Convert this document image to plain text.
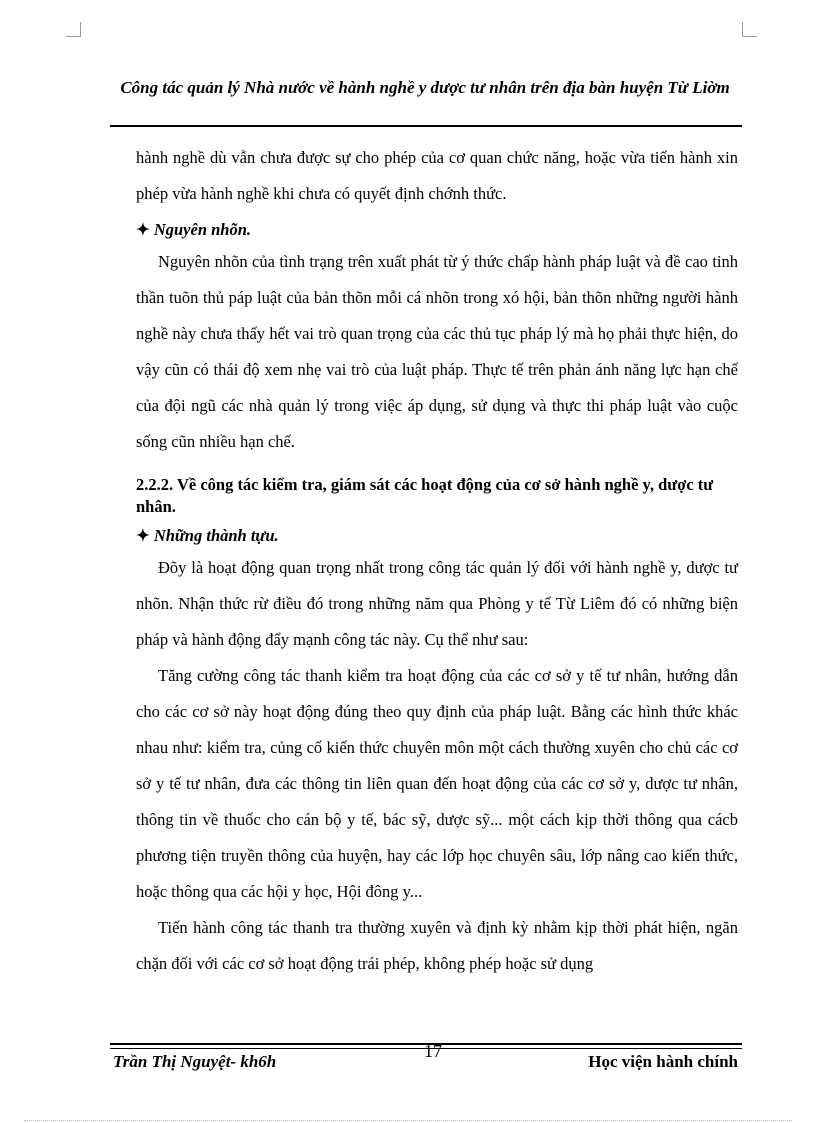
Công tác quản lý Nhà nước về hành nghề y dược tư nhân trên địa bàn huyện Từ Liờm

hành nghề dù vẫn chưa được sự cho phép của cơ quan chức năng, hoặc vừa tiến hành xin phép vừa hành nghề khi chưa có quyết định chớnh thức.

✦ Nguyên nhõn.

Nguyên nhõn của tình trạng trên xuất phát từ ý thức chấp hành pháp luật và đề cao tinh thần tuõn thủ páp luật của bản thõn mỗi cá nhõn trong xó hội, bản thõn những người hành nghề này chưa thấy hết vai trò quan trọng của các thủ tục pháp lý mà họ phải thực hiện, do vậy cũn có thái độ xem nhẹ vai trò của luật pháp. Thực tế trên phản ánh năng lực hạn chế của đội ngũ các nhà quản lý trong việc áp dụng, sử dụng và thực thi pháp luật vào cuộc sống cũn nhiều hạn chế.

2.2.2. Về công tác kiểm tra, giám sát các hoạt động của cơ sở hành nghề y, dược tư nhân.

✦ Những thành tựu.

Đõy là hoạt động quan trọng nhất trong công tác quản lý đối với hành nghề y, dược tư nhõn. Nhận thức rừ điều đó trong những năm qua Phòng y tế Từ Liêm đó có những biện pháp và hành động đẩy mạnh công tác này. Cụ thể như sau:

Tăng cường công tác thanh kiểm tra hoạt động của các cơ sở y tế tư nhân, hướng dẫn cho các cơ sở này hoạt động đúng theo quy định của pháp luật. Bằng các hình thức khác nhau như: kiểm tra, củng cố kiến thức chuyên môn một cách thường xuyên cho chủ các cơ sở y tế tư nhân, đưa các thông tin liên quan đến hoạt động của các cơ sở y, dược tư nhân, thông tin về thuốc cho cán bộ y tế, bác sỹ, dược sỹ... một cách kịp thời thông qua cácb phương tiện truyền thông của huyện, hay các lớp học chuyên sâu, lớp nâng cao kiến thức, hoặc thông qua các hội y học, Hội đông y...

Tiến hành công tác thanh tra thường xuyên và định kỳ nhằm kịp thời phát hiện, ngăn chặn đối với các cơ sở hoạt động trái phép, không phép hoặc sử dụng

Trần Thị Nguyệt- kh6h
17
Học viện hành chính
